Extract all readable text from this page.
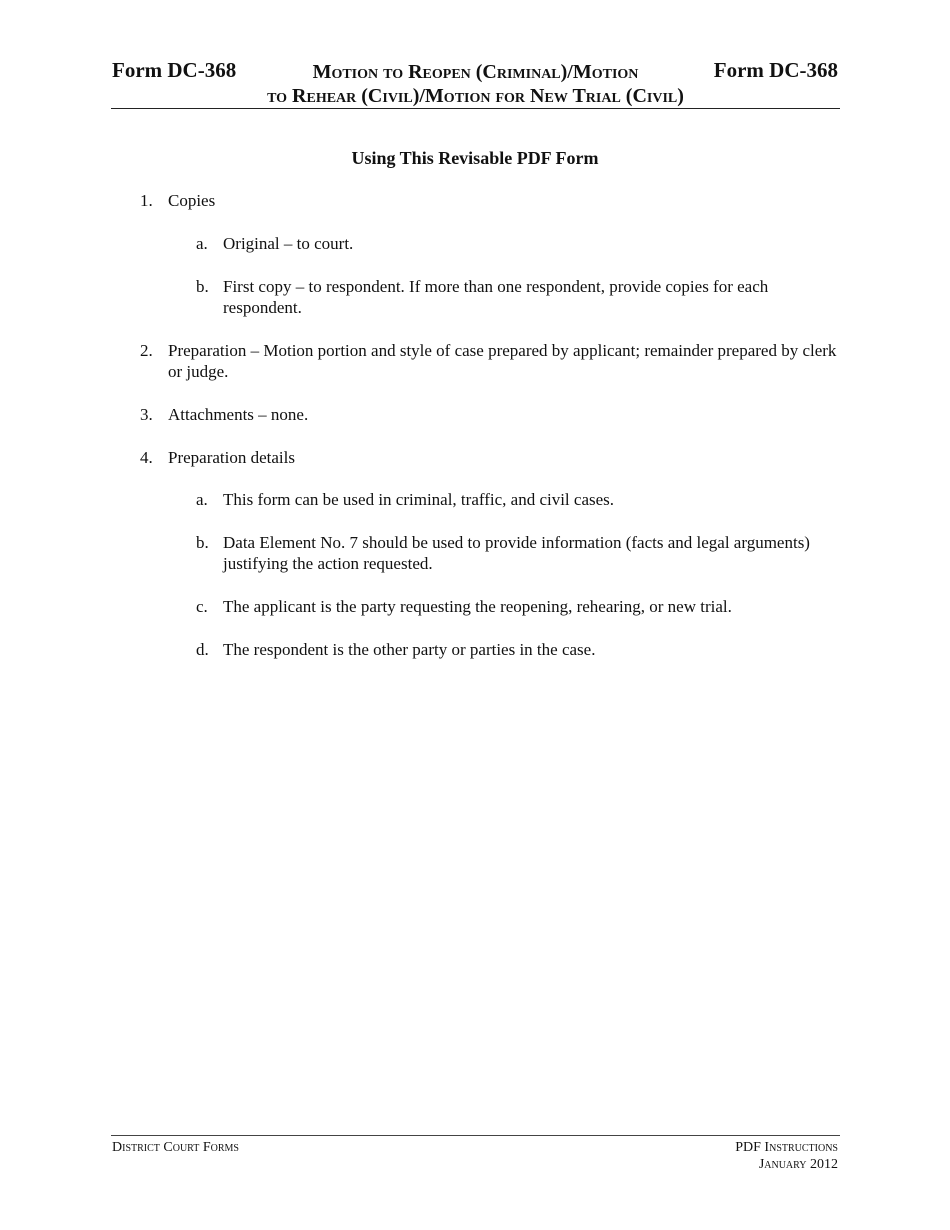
Form DC-368	Motion to Reopen (Criminal)/Motion
to Rehear (Civil)/Motion for New Trial (Civil)
Form DC-368
Using This Revisable PDF Form
1. Copies
a. Original – to court.
b. First copy – to respondent. If more than one respondent, provide copies for each respondent.
2. Preparation – Motion portion and style of case prepared by applicant; remainder prepared by clerk or judge.
3. Attachments – none.
4. Preparation details
a. This form can be used in criminal, traffic, and civil cases.
b. Data Element No. 7 should be used to provide information (facts and legal arguments) justifying the action requested.
c. The applicant is the party requesting the reopening, rehearing, or new trial.
d. The respondent is the other party or parties in the case.
District Court Forms	PDF Instructions
January 2012
